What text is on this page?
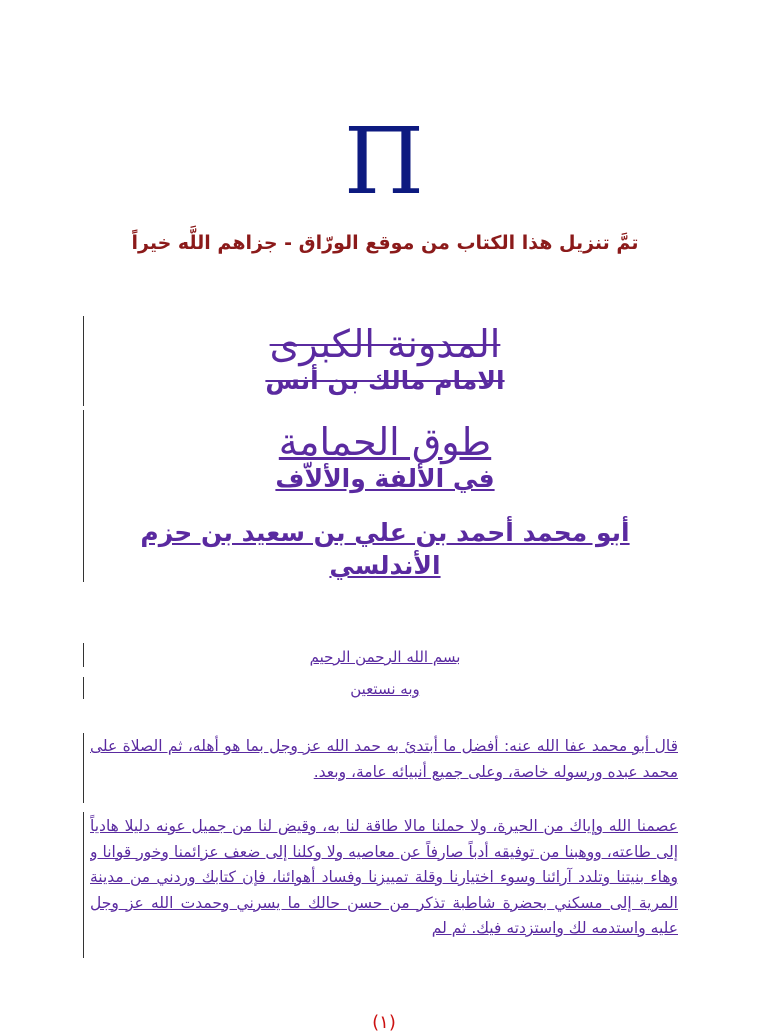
Π
تمَّ تنزيل هذا الكتاب من موقع الورّاق - جزاهم اللَّه خيراً
المدونة الكبرى
الامام مالك بن أنس
طوق الحمامة
في الألفة والألاّف
أبو محمد أحمد بن علي بن سعيد بن حزم الأندلسي
بسم الله الرحمن الرحيم
وبه نستعين
قال أبو محمد عفا الله عنه: أفضل ما أبتدئ به حمد الله عز وجل بما هو أهله، ثم الصلاة على محمد عبده ورسوله خاصة، وعلى جميع أنبيائه عامة، وبعد.
عصمنا الله وإياك من الحيرة، ولا حملنا مالا طاقة لنا به، وقيض لنا من جميل عونه دليلا هادياً إلى طاعته، ووهبنا من توفيقه أدباً صارفاً عن معاصيه ولا وكلنا إلى ضعف عزائمنا وخور قوانا و وهاء بنيتنا وتلدد آرائنا وسوء اختيارنا وقلة تمييزنا وفساد أهوائنا، فإن كتابك وردني من مدينة المرية إلى مسكني بحضرة شاطبة تذكر من حسن حالك ما يسرني وحمدت الله عز وجل عليه واستدمه لك واستزدته فيك. ثم لم
(١)
